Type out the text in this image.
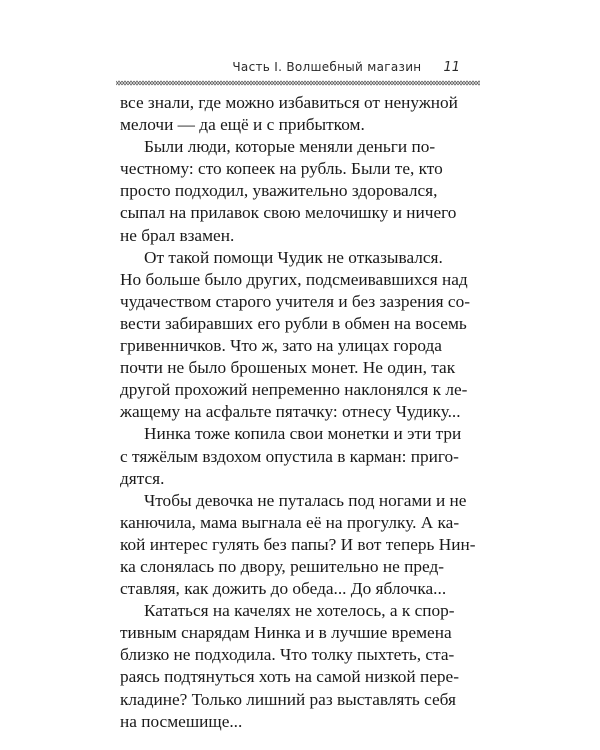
Часть I. Волшебный магазин 11
все знали, где можно избавиться от ненужной
мелочи — да ещё и с прибытком.
Были люди, которые меняли деньги по-
честному: сто копеек на рубль. Были те, кто
просто подходил, уважительно здоровался,
сыпал на прилавок свою мелочишку и ничего
не брал взамен.
От такой помощи Чудик не отказывался.
Но больше было других, подсмеивавшихся над
чудачеством старого учителя и без зазрения со-
вести забиравших его рубли в обмен на восемь
гривенничков. Что ж, зато на улицах города
почти не было брошеных монет. Не один, так
другой прохожий непременно наклонялся к ле-
жащему на асфальте пятачку: отнесу Чудику...
Нинка тоже копила свои монетки и эти три
с тяжёлым вздохом опустила в карман: приго-
дятся.
Чтобы девочка не путалась под ногами и не
канючила, мама выгнала её на прогулку. А ка-
кой интерес гулять без папы? И вот теперь Нин-
ка слонялась по двору, решительно не пред-
ставляя, как дожить до обеда... До яблочка...
Кататься на качелях не хотелось, а к спор-
тивным снарядам Нинка и в лучшие времена
близко не подходила. Что толку пыхтеть, ста-
раясь подтянуться хоть на самой низкой пере-
кладине? Только лишний раз выставлять себя
на посмешище...
